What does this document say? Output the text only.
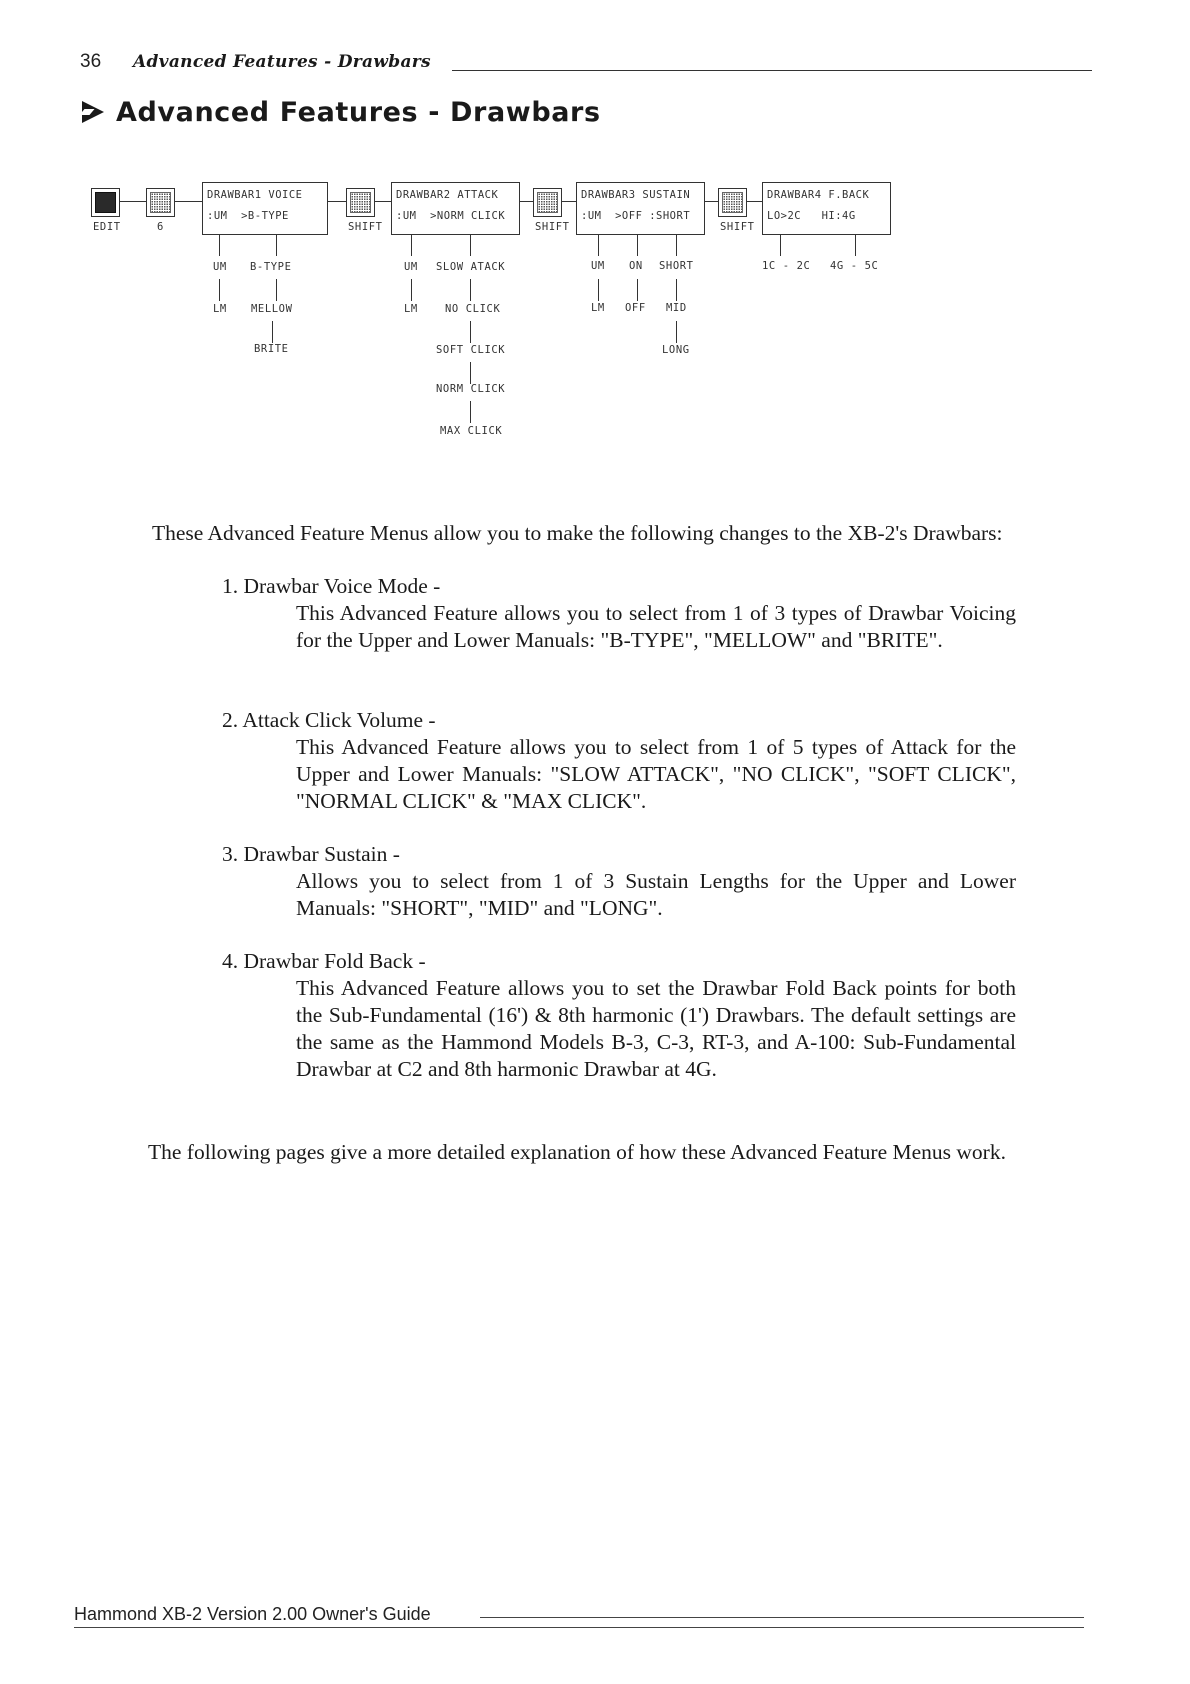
36 Advanced Features - Drawbars
Advanced Features - Drawbars
EDIT	6
DRAWBAR1 VOICE
:UM  >B-TYPE
SHIFT
DRAWBAR2 ATTACK
:UM  >NORM CLICK
SHIFT
DRAWBAR3 SUSTAIN
:UM  >OFF :SHORT
SHIFT
DRAWBAR4 F.BACK
LO>2C   HI:4G
UM B-TYPE
LM MELLOW
BRITE
UM SLOW ATACK
LM	NO CLICK
SOFT CLICK
NORM CLICK
MAX CLICK
UM ON SHORT
LM OFF MID
LONG
1C - 2C 4G - 5C
These Advanced Feature Menus allow you to make the following changes to the XB-2's Drawbars:
1. Drawbar Voice Mode -
This Advanced Feature allows you to select from 1 of 3 types of Drawbar Voicing for the Upper and Lower Manuals: "B-TYPE", "MELLOW" and "BRITE".
2. Attack Click Volume -
This Advanced Feature allows you to select from 1 of 5 types of Attack for the Upper and Lower Manuals: "SLOW ATTACK", "NO CLICK", "SOFT CLICK", "NORMAL CLICK" & "MAX CLICK".
3. Drawbar Sustain -
Allows you to select from 1 of 3 Sustain Lengths for the Upper and Lower Manuals: "SHORT", "MID" and "LONG".
4. Drawbar Fold Back -
This Advanced Feature allows you to set the Drawbar Fold Back points for both the Sub-Fundamental (16') & 8th harmonic (1') Drawbars. The default settings are the same as the Hammond Models B-3, C-3, RT-3, and A-100: Sub-Fundamental Drawbar at C2 and 8th harmonic Drawbar at 4G.
The following pages give a more detailed explanation of how these Advanced Feature Menus work.
Hammond XB-2 Version 2.00 Owner's Guide
